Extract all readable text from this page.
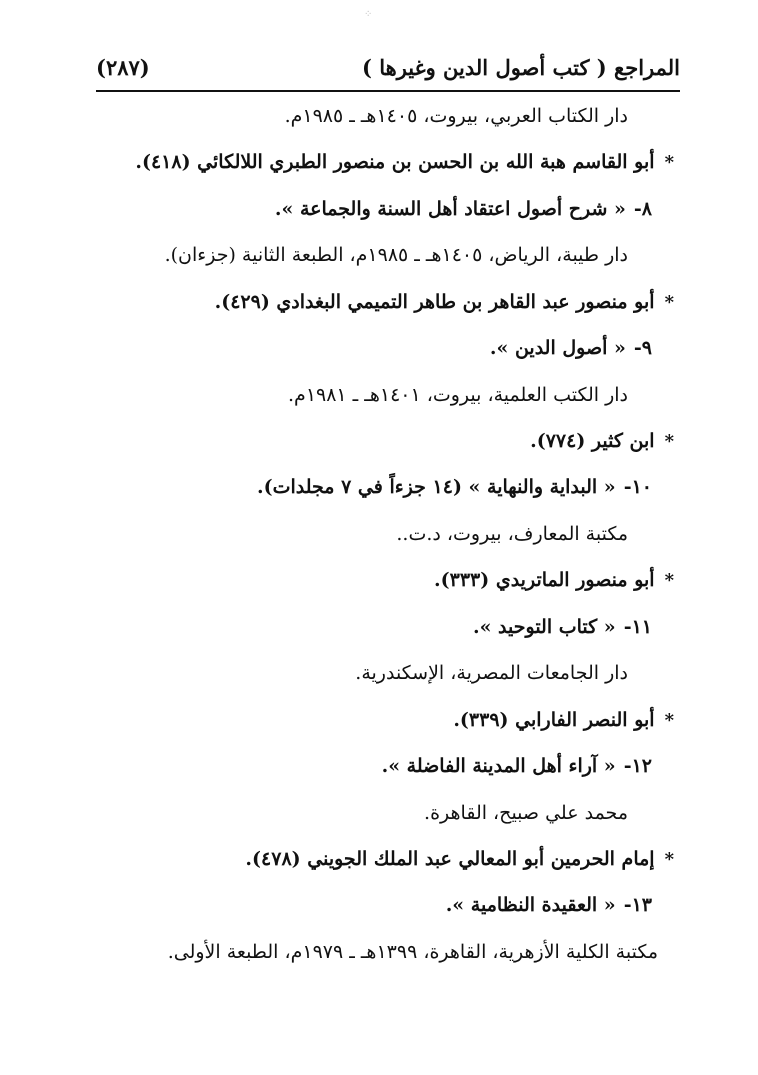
⁘
المراجع ( كتب أصول الدين وغيرها )
(٢٨٧)
دار الكتاب العربي، بيروت، ١٤٠٥هـ ـ ١٩٨٥م.
*أبو القاسم هبة الله بن الحسن بن منصور الطبري اللالكائي (٤١٨).
٨-« شرح أصول اعتقاد أهل السنة والجماعة ».
دار طيبة، الرياض، ١٤٠٥هـ ـ ١٩٨٥م، الطبعة الثانية (جزءان).
*أبو منصور عبد القاهر بن طاهر التميمي البغدادي (٤٢٩).
٩-« أصول الدين ».
دار الكتب العلمية، بيروت، ١٤٠١هـ ـ ١٩٨١م.
*ابن كثير (٧٧٤).
١٠-« البداية والنهاية » (١٤ جزءاً في ٧ مجلدات).
مكتبة المعارف، بيروت، د.ت..
*أبو منصور الماتريدي (٣٣٣).
١١-« كتاب التوحيد ».
دار الجامعات المصرية، الإسكندرية.
*أبو النصر الفارابي (٣٣٩).
١٢-« آراء أهل المدينة الفاضلة ».
محمد علي صبيح، القاهرة.
*إمام الحرمين أبو المعالي عبد الملك الجويني (٤٧٨).
١٣-« العقيدة النظامية ».
مكتبة الكلية الأزهرية، القاهرة، ١٣٩٩هـ ـ ١٩٧٩م، الطبعة الأولى.
